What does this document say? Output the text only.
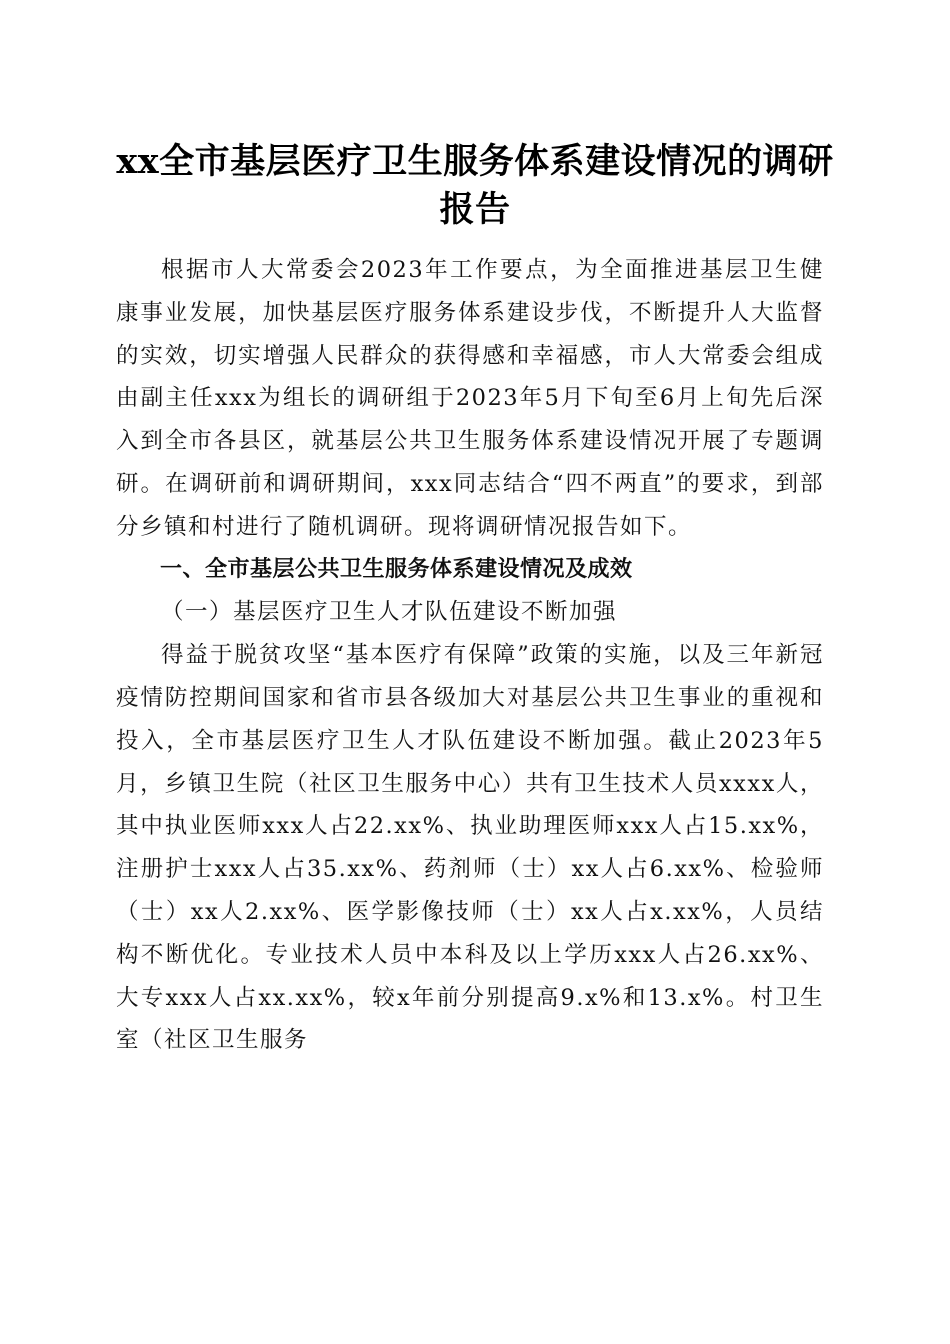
xx全市基层医疗卫生服务体系建设情况的调研报告

根据市人大常委会2023年工作要点，为全面推进基层卫生健康事业发展，加快基层医疗服务体系建设步伐，不断提升人大监督的实效，切实增强人民群众的获得感和幸福感，市人大常委会组成由副主任xxx为组长的调研组于2023年5月下旬至6月上旬先后深入到全市各县区，就基层公共卫生服务体系建设情况开展了专题调研。在调研前和调研期间，xxx同志结合“四不两直”的要求，到部分乡镇和村进行了随机调研。现将调研情况报告如下。

一、全市基层公共卫生服务体系建设情况及成效

（一）基层医疗卫生人才队伍建设不断加强

得益于脱贫攻坚“基本医疗有保障”政策的实施，以及三年新冠疫情防控期间国家和省市县各级加大对基层公共卫生事业的重视和投入，全市基层医疗卫生人才队伍建设不断加强。截止2023年5月，乡镇卫生院（社区卫生服务中心）共有卫生技术人员xxxx人，其中执业医师xxx人占22.xx%、执业助理医师xxx人占15.xx%，注册护士xxx人占35.xx%、药剂师（士）xx人占6.xx%、检验师（士）xx人2.xx%、医学影像技师（士）xx人占x.xx%，人员结构不断优化。专业技术人员中本科及以上学历xxx人占26.xx%、大专xxx人占xx.xx%，较x年前分别提高9.x%和13.x%。村卫生室（社区卫生服务
